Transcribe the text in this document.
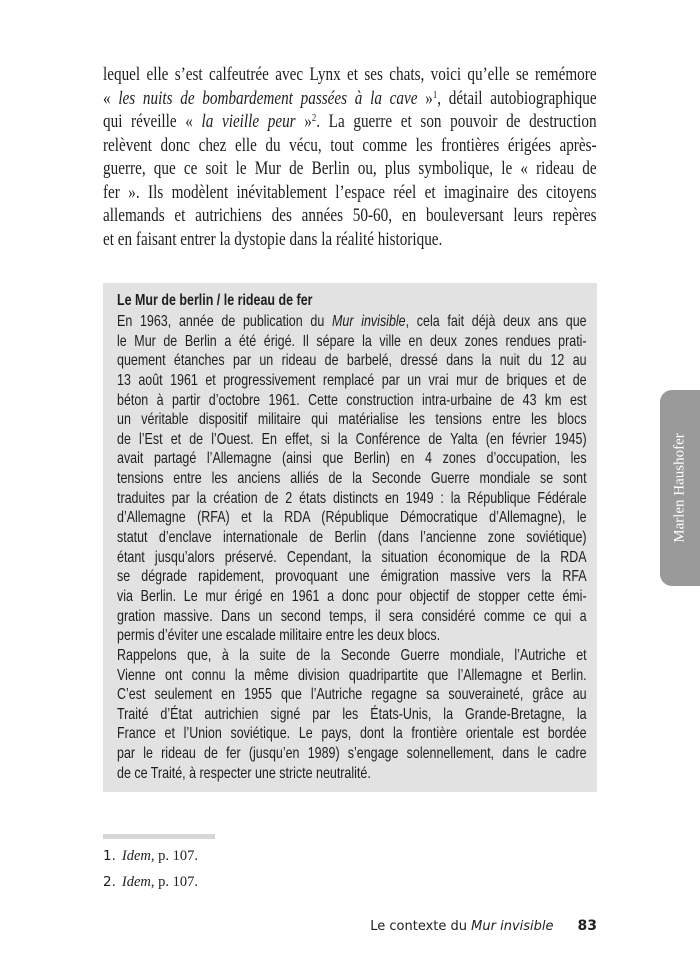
lequel elle s’est calfeutrée avec Lynx et ses chats, voici qu’elle se remémore
« les nuits de bombardement passées à la cave »$^1$, détail autobiographique
qui réveille « la vieille peur »$^2$. La guerre et son pouvoir de destruction
relèvent donc chez elle du vécu, tout comme les frontières érigées après-
guerre, que ce soit le Mur de Berlin ou, plus symbolique, le « rideau de
fer ». Ils modèlent inévitablement l’espace réel et imaginaire des citoyens
allemands et autrichiens des années 50-60, en bouleversant leurs repères
et en faisant entrer la dystopie dans la réalité historique.
Le Mur de berlin / le rideau de fer
En 1963, année de publication du Mur invisible, cela fait déjà deux ans que
le Mur de Berlin a été érigé. Il sépare la ville en deux zones rendues prati-
quement étanches par un rideau de barbelé, dressé dans la nuit du 12 au
13 août 1961 et progressivement remplacé par un vrai mur de briques et de
béton à partir d’octobre 1961. Cette construction intra-urbaine de 43 km est
un véritable dispositif militaire qui matérialise les tensions entre les blocs
de l’Est et de l’Ouest. En effet, si la Conférence de Yalta (en février 1945)
avait partagé l’Allemagne (ainsi que Berlin) en 4 zones d’occupation, les
tensions entre les anciens alliés de la Seconde Guerre mondiale se sont
traduites par la création de 2 états distincts en 1949 : la République Fédérale
d’Allemagne (RFA) et la RDA (République Démocratique d’Allemagne), le
statut d’enclave internationale de Berlin (dans l’ancienne zone soviétique)
étant jusqu’alors préservé. Cependant, la situation économique de la RDA
se dégrade rapidement, provoquant une émigration massive vers la RFA
via Berlin. Le mur érigé en 1961 a donc pour objectif de stopper cette émi-
gration massive. Dans un second temps, il sera considéré comme ce qui a
permis d’éviter une escalade militaire entre les deux blocs.
Rappelons que, à la suite de la Seconde Guerre mondiale, l’Autriche et
Vienne ont connu la même division quadripartite que l’Allemagne et Berlin.
C’est seulement en 1955 que l’Autriche regagne sa souveraineté, grâce au
Traité d’État autrichien signé par les États-Unis, la Grande-Bretagne, la
France et l’Union soviétique. Le pays, dont la frontière orientale est bordée
par le rideau de fer (jusqu’en 1989) s’engage solennellement, dans le cadre
de ce Traité, à respecter une stricte neutralité.
Marlen Haushofer
1. Idem, p. 107.
2. Idem, p. 107.
Le contexte du Mur invisible 83
